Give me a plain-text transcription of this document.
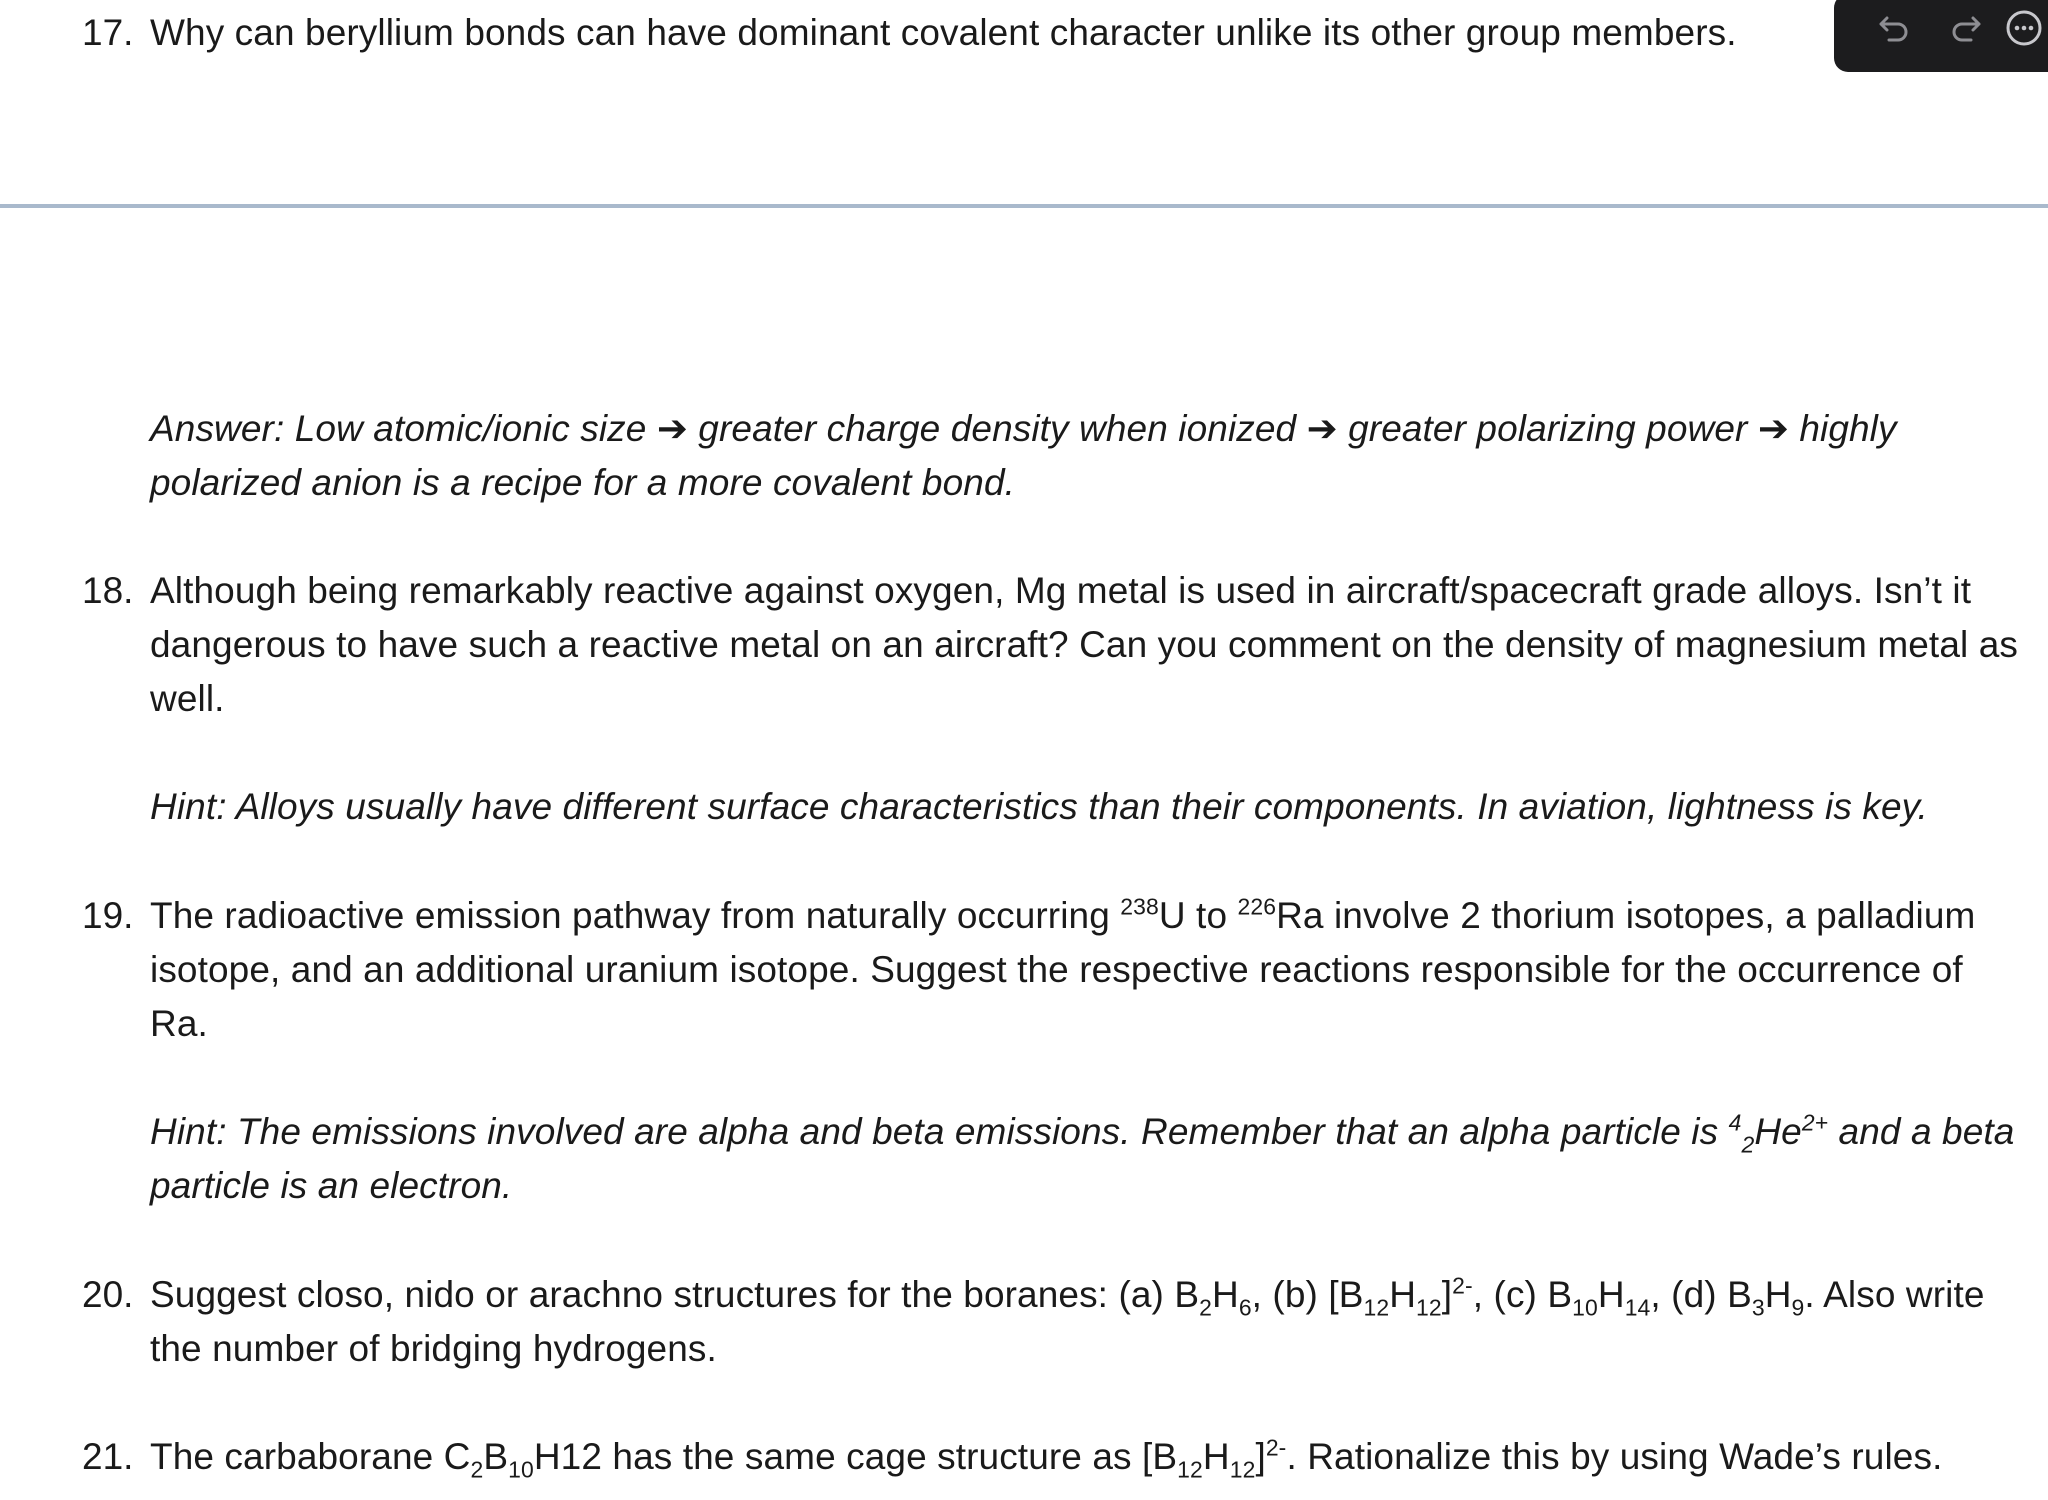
17. Why can beryllium bonds can have dominant covalent character unlike its other group members.

Answer: Low atomic/ionic size ➔ greater charge density when ionized ➔ greater polarizing power ➔ highly
polarized anion is a recipe for a more covalent bond.

18. Although being remarkably reactive against oxygen, Mg metal is used in aircraft/spacecraft grade alloys. Isn’t it
dangerous to have such a reactive metal on an aircraft? Can you comment on the density of magnesium metal as
well.

Hint: Alloys usually have different surface characteristics than their components. In aviation, lightness is key.

19. The radioactive emission pathway from naturally occurring $^{238}$U to $^{226}$Ra involve 2 thorium isotopes, a palladium
isotope, and an additional uranium isotope. Suggest the respective reactions responsible for the occurrence of
Ra.

Hint: The emissions involved are alpha and beta emissions. Remember that an alpha particle is $^4_2He^{2+}$ and a beta
particle is an electron.

20. Suggest closo, nido or arachno structures for the boranes: (a) $B_2H_6$, (b) $[B_{12}H_{12}]^{2-}$, (c) $B_{10}H_{14}$, (d) $B_3H_9$. Also write
the number of bridging hydrogens.

21. The carbaborane $C_2B_{10}H12$ has the same cage structure as $[B_{12}H_{12}]^{2-}$. Rationalize this by using Wade’s rules.
